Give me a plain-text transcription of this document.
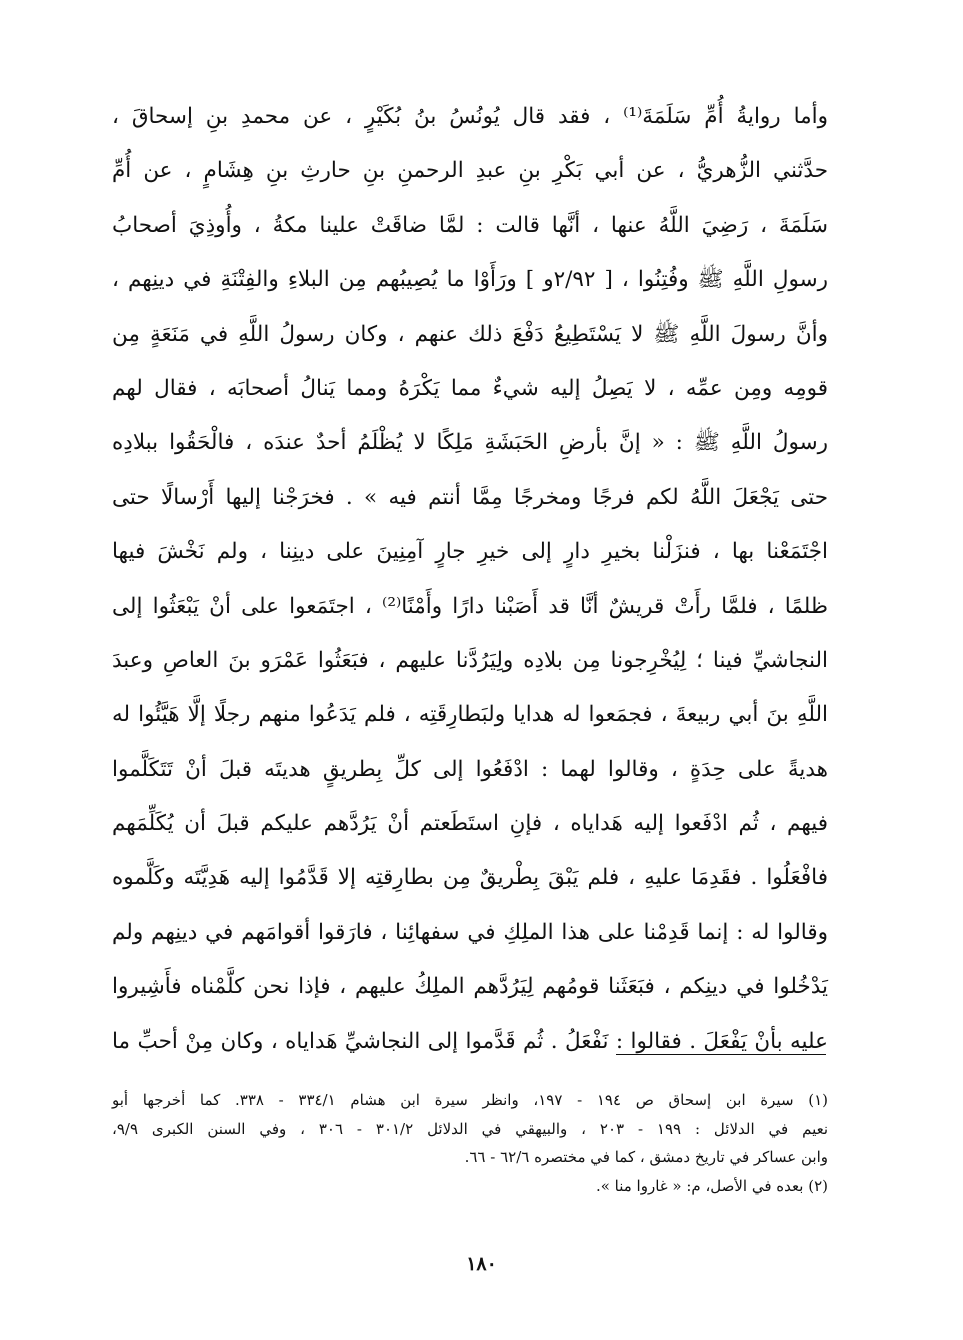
وأما روايةُ أُمِّ سَلَمَةَ⁽¹⁾ ، فقد قال يُونُسُ بنُ بُكَيْرٍ ، عن محمدِ بنِ إسحاقَ ،
حدَّثني الزُّهريُّ ، عن أبي بَكْرِ بنِ عبدِ الرحمنِ بنِ حارثِ بنِ هِشَامٍ ، عن أُمِّ
سَلَمَةَ ، رَضِيَ اللَّهُ عنها ، أنَّها قالت : لمَّا ضاقَتْ علينا مكةُ ، وأُوذِيَ أصحابُ
رسولِ اللَّهِ ﷺ وفُتِنُوا ، [ ٢/٩٢و ] ورَأَوْا ما يُصِيبُهم مِن البلاءِ والفِتْنَةِ في دينِهم ،
وأنَّ رسولَ اللَّهِ ﷺ لا يَسْتَطِيعُ دَفْعَ ذلك عنهم ، وكان رسولُ اللَّهِ في مَنَعَةٍ مِن
قومِه ومِن عمِّه ، لا يَصِلُ إليه شيءٌ مما يَكْرَهُ ومما يَنالُ أصحابَه ، فقال لهم
رسولُ اللَّهِ ﷺ : « إنَّ بأرضِ الحَبَشَةِ مَلِكًا لا يُظْلَمُ أحدٌ عندَه ، فالْحَقُوا ببلادِه
حتى يَجْعَلَ اللَّهُ لكم فرجًا ومخرجًا مِمَّا أنتم فيه » . فخرَجْنا إليها أَرْسالًا حتى
اجْتَمَعْنا بها ، فنزَلْنا بخيرِ دارٍ إلى خيرِ جارٍ آمِنِينَ على دينِنا ، ولم نَخْشَ فيها
ظلمًا ، فلمَّا رأَتْ قريشٌ أنَّا قد أَصَبْنا دارًا وأَمْنًا⁽²⁾ ، اجتَمَعوا على أنْ يَبْعَثُوا إلى
النجاشيِّ فينا ؛ لِيُخْرِجونا مِن بلادِه ولِيَرُدَّنا عليهم ، فبَعَثُوا عَمْرَو بنَ العاصِ وعبدَ
اللَّهِ بنَ أبي ربيعةَ ، فجمَعوا له هدايا ولبَطارِقَتِه ، فلم يَدَعُوا منهم رجلًا إلَّا هَيَّئُوا له
هديةً على حِدَةٍ ، وقالوا لهما : ادْفَعُوا إلى كلِّ بِطريقٍ هديتَه قبلَ أنْ تَتَكَلَّموا
فيهم ، ثُم ادْفَعوا إليه هَداياه ، فإنِ استَطَعتم أنْ يَرُدَّهم عليكم قبلَ أن يُكَلِّمَهم
فافْعَلُوا . فقَدِمَا عليهِ ، فلم يَبْقَ بِطْريقٌ مِن بطارِقتِه إلا قَدَّمُوا إليه هَدِيَّتَه وكَلَّموه
وقالوا له : إنما قَدِمْنا على هذا الملِكِ في سفهائِنا ، فارَقوا أقوامَهم في دينِهم ولم
يَدْخُلوا في دينِكم ، فبَعَثَنا قومُهم لِيَرُدَّهم الملِكُ عليهم ، فإذا نحن كلَّمْناه فأَشِيروا
عليه بأنْ يَفْعَلَ . فقالوا : نَفْعَلُ . ثُم قَدَّموا إلى النجاشيِّ هَداياه ، وكان مِنْ أحبِّ ما
(١) سيرة ابن إسحاق ص ١٩٤ - ١٩٧، وانظر سيرة ابن هشام ٣٣٤/١ - ٣٣٨. كما أخرجها أبو
نعيم في الدلائل : ١٩٩ - ٢٠٣ ، والبيهقي في الدلائل ٣٠١/٢ - ٣٠٦ ، وفي السنن الكبرى ٩/٩،
وابن عساكر في تاريخ دمشق ، كما في مختصره ٦٢/٦ - ٦٦.
(٢) بعده في الأصل، م: « غاروا منا ».
١٨٠
